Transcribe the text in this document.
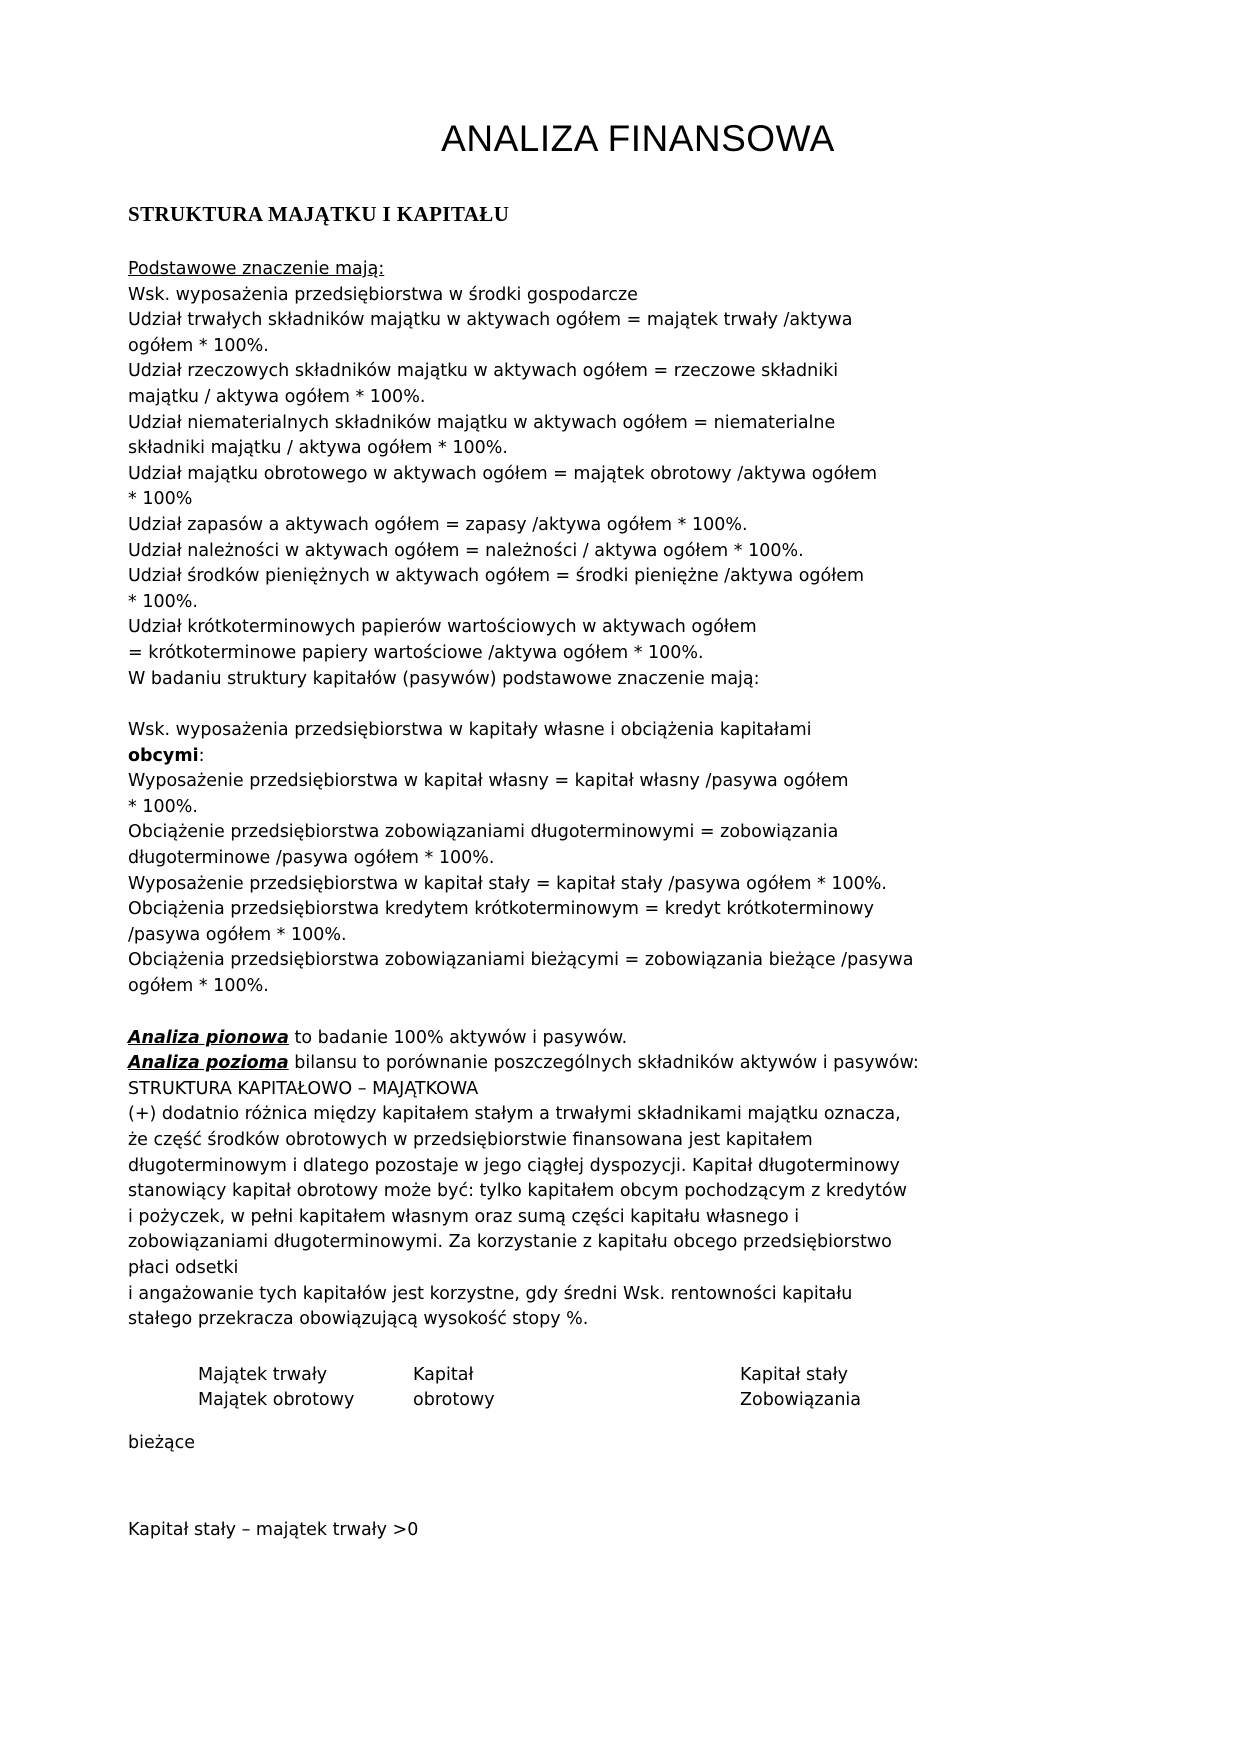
ANALIZA FINANSOWA
STRUKTURA MAJĄTKU I KAPITAŁU

Podstawowe znaczenie mają:

Wsk. wyposażenia przedsiębiorstwa w środki gospodarcze

Udział trwałych składników majątku w aktywach ogółem = majątek trwały /aktywa

ogółem * 100%.

Udział rzeczowych składników majątku w aktywach ogółem = rzeczowe składniki

majątku / aktywa ogółem * 100%.

Udział niematerialnych składników majątku w aktywach ogółem = niematerialne

składniki majątku / aktywa ogółem * 100%.

Udział majątku obrotowego w aktywach ogółem = majątek obrotowy /aktywa ogółem

* 100%

Udział zapasów a aktywach ogółem = zapasy /aktywa ogółem * 100%.

Udział należności w aktywach ogółem = należności / aktywa ogółem * 100%.

Udział środków pieniężnych w aktywach ogółem = środki pieniężne /aktywa ogółem

* 100%.

Udział krótkoterminowych papierów wartościowych w aktywach ogółem

= krótkoterminowe papiery wartościowe /aktywa ogółem * 100%.

W badaniu struktury kapitałów (pasywów) podstawowe znaczenie mają:

Wsk. wyposażenia przedsiębiorstwa w kapitały własne i obciążenia kapitałami

obcymi:

Wyposażenie przedsiębiorstwa w kapitał własny = kapitał własny /pasywa ogółem

* 100%.

Obciążenie przedsiębiorstwa zobowiązaniami długoterminowymi = zobowiązania

długoterminowe /pasywa ogółem * 100%.

Wyposażenie przedsiębiorstwa w kapitał stały = kapitał stały /pasywa ogółem * 100%.

Obciążenia przedsiębiorstwa kredytem krótkoterminowym = kredyt krótkoterminowy

/pasywa ogółem * 100%.

Obciążenia przedsiębiorstwa zobowiązaniami bieżącymi = zobowiązania bieżące /pasywa

ogółem * 100%.

Analiza pionowa to badanie 100% aktywów i pasywów.

Analiza pozioma bilansu to porównanie poszczególnych składników aktywów i pasywów:

STRUKTURA KAPITAŁOWO – MAJĄTKOWA

(+) dodatnio różnica między kapitałem stałym a trwałymi składnikami majątku oznacza,

że część środków obrotowych w przedsiębiorstwie finansowana jest kapitałem

długoterminowym i dlatego pozostaje w jego ciągłej dyspozycji. Kapitał długoterminowy

stanowiący kapitał obrotowy może być: tylko kapitałem obcym pochodzącym z kredytów

i pożyczek, w pełni kapitałem własnym oraz sumą części kapitału własnego i

zobowiązaniami długoterminowymi. Za korzystanie z kapitału obcego przedsiębiorstwo

płaci odsetki

i angażowanie tych kapitałów jest korzystne, gdy średni Wsk. rentowności kapitału

stałego przekracza obowiązującą wysokość stopy %.

Majątek trwały	Kapitał	Kapitał stały
Majątek obrotowy	obrotowy	Zobowiązania

bieżące

Kapitał stały – majątek trwały >0
